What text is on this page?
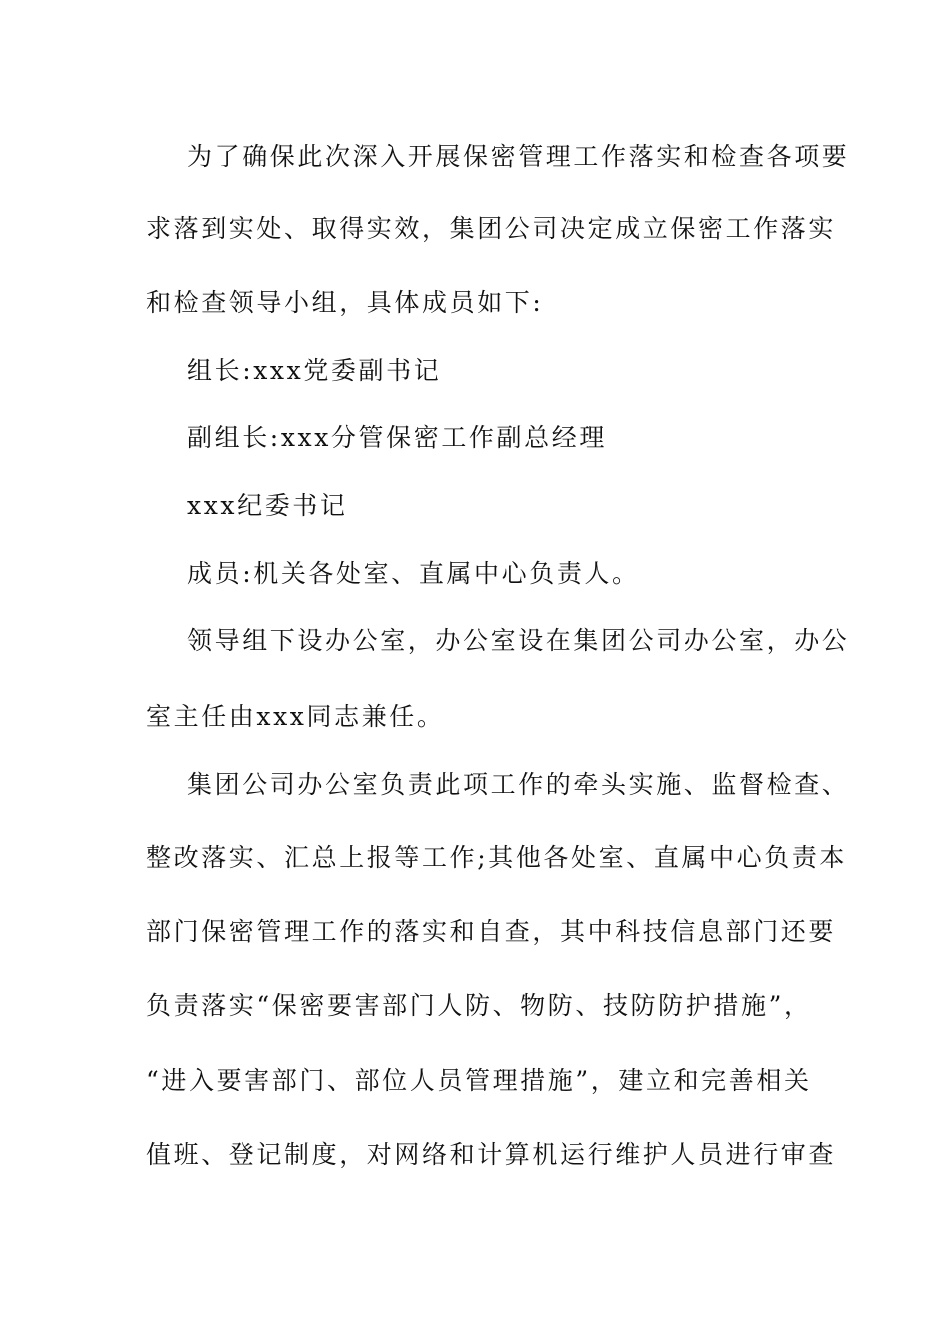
为了确保此次深入开展保密管理工作落实和检查各项要
求落到实处、取得实效，集团公司决定成立保密工作落实
和检查领导小组，具体成员如下:
组长:xxx党委副书记
副组长:xxx分管保密工作副总经理
xxx纪委书记
成员:机关各处室、直属中心负责人。
领导组下设办公室，办公室设在集团公司办公室，办公
室主任由xxx同志兼任。
集团公司办公室负责此项工作的牵头实施、监督检查、
整改落实、汇总上报等工作;其他各处室、直属中心负责本
部门保密管理工作的落实和自查，其中科技信息部门还要
负责落实“保密要害部门人防、物防、技防防护措施”，
“进入要害部门、部位人员管理措施”，建立和完善相关
值班、登记制度，对网络和计算机运行维护人员进行审查
